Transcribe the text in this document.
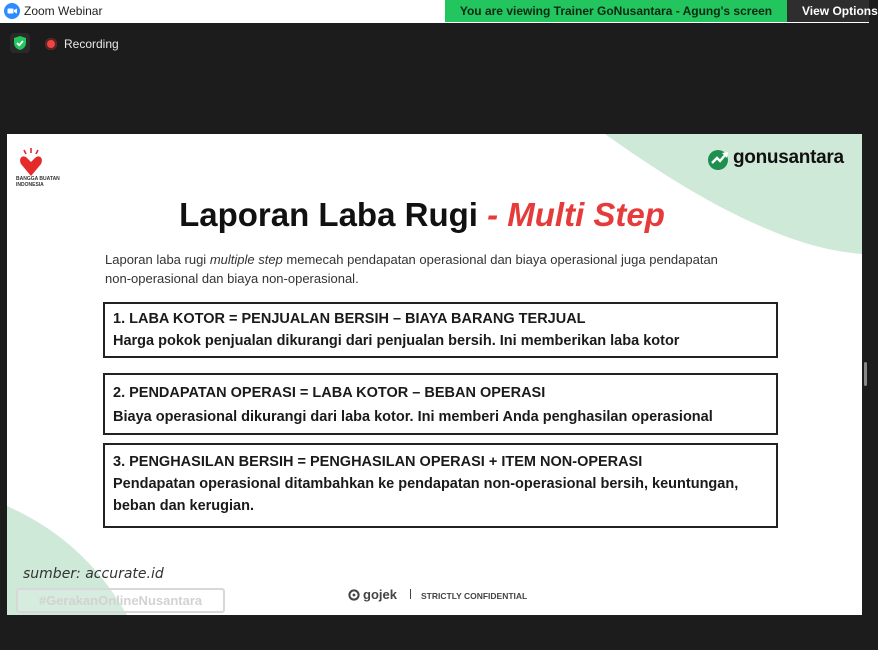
Zoom Webinar	You are viewing Trainer GoNusantara - Agung's screen	View Options
Recording
BANGGA BUATAN INDONESIA
gonusantara
Laporan Laba Rugi - Multi Step
Laporan laba rugi multiple step memecah pendapatan operasional dan biaya operasional juga pendapatan non-operasional dan biaya non-operasional.
1. LABA KOTOR = PENJUALAN BERSIH – BIAYA BARANG TERJUAL
Harga pokok penjualan dikurangi dari penjualan bersih. Ini memberikan laba kotor
2. PENDAPATAN OPERASI = LABA KOTOR – BEBAN OPERASI
Biaya operasional dikurangi dari laba kotor. Ini memberi Anda penghasilan operasional
3. PENGHASILAN BERSIH = PENGHASILAN OPERASI + ITEM NON-OPERASI
Pendapatan operasional ditambahkan ke pendapatan non-operasional bersih, keuntungan, beban dan kerugian.
sumber: accurate.id
#GerakanOnlineNusantara	gojek	STRICTLY CONFIDENTIAL
